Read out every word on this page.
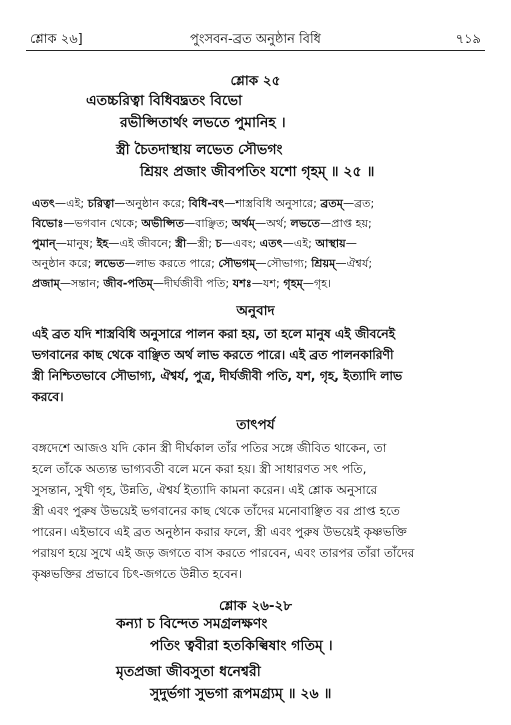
শ্লোক ২৬]	পুংসবন-ব্রত অনুষ্ঠান বিধি	৭১৯
শ্লোক ২৫
এতচ্চরিত্বা বিধিবদ্ব্রতং বিভো
রভীপ্সিতার্থং লভতে পুমানিহ ।
স্ত্রী চৈতদাস্থায় লভেত সৌভগং
শ্রিয়ং প্রজাং জীবপতিং যশো গৃহম্ ॥ ২৫ ॥
এতৎ—এই; চরিত্বা—অনুষ্ঠান করে; বিধি-বৎ—শাস্ত্রবিধি অনুসারে; ব্রতম্—ব্রত;
বিভোঃ—ভগবান থেকে; অভীপ্সিত—বাঞ্ছিত; অর্থম্—অর্থ; লভতে—প্রাপ্ত হয়;
পুমান্—মানুষ; ইহ—এই জীবনে; স্ত্রী—স্ত্রী; চ—এবং; এতৎ—এই; আস্থায়—
অনুষ্ঠান করে; লভেত—লাভ করতে পারে; সৌভগম্—সৌভাগ্য; শ্রিয়ম্—ঐশ্বর্য;
প্রজাম্—সন্তান; জীব-পতিম্—দীর্ঘজীবী পতি; যশঃ—যশ; গৃহম্—গৃহ।
অনুবাদ
এই ব্রত যদি শাস্ত্রবিধি অনুসারে পালন করা হয়, তা হলে মানুষ এই জীবনেই
ভগবানের কাছ থেকে বাঞ্ছিত অর্থ লাভ করতে পারে। এই ব্রত পালনকারিণী
স্ত্রী নিশ্চিতভাবে সৌভাগ্য, ঐশ্বর্য, পুত্র, দীর্ঘজীবী পতি, যশ, গৃহ, ইত্যাদি লাভ
করবে।
তাৎপর্য
বঙ্গদেশে আজও যদি কোন স্ত্রী দীর্ঘকাল তাঁর পতির সঙ্গে জীবিত থাকেন, তা
হলে তাঁকে অত্যন্ত ভাগ্যবতী বলে মনে করা হয়। স্ত্রী সাধারণত সৎ পতি,
সুসন্তান, সুখী গৃহ, উন্নতি, ঐশ্বর্য ইত্যাদি কামনা করেন। এই শ্লোক অনুসারে
স্ত্রী এবং পুরুষ উভয়েই ভগবানের কাছ থেকে তাঁদের মনোবাঞ্ছিত বর প্রাপ্ত হতে
পারেন। এইভাবে এই ব্রত অনুষ্ঠান করার ফলে, স্ত্রী এবং পুরুষ উভয়েই কৃষ্ণভক্তি
পরায়ণ হয়ে সুখে এই জড় জগতে বাস করতে পারবেন, এবং তারপর তাঁরা তাঁদের
কৃষ্ণভক্তির প্রভাবে চিৎ-জগতে উন্নীত হবেন।
শ্লোক ২৬-২৮
কন্যা চ বিন্দেত সমগ্রলক্ষণং
পতিং ত্ববীরা হতকিল্বিষাং গতিম্ ।
মৃতপ্রজা জীবসুতা ধনেশ্বরী
সুদুর্ভগা সুভগা রূপমগ্র্যম্ ॥ ২৬ ॥
